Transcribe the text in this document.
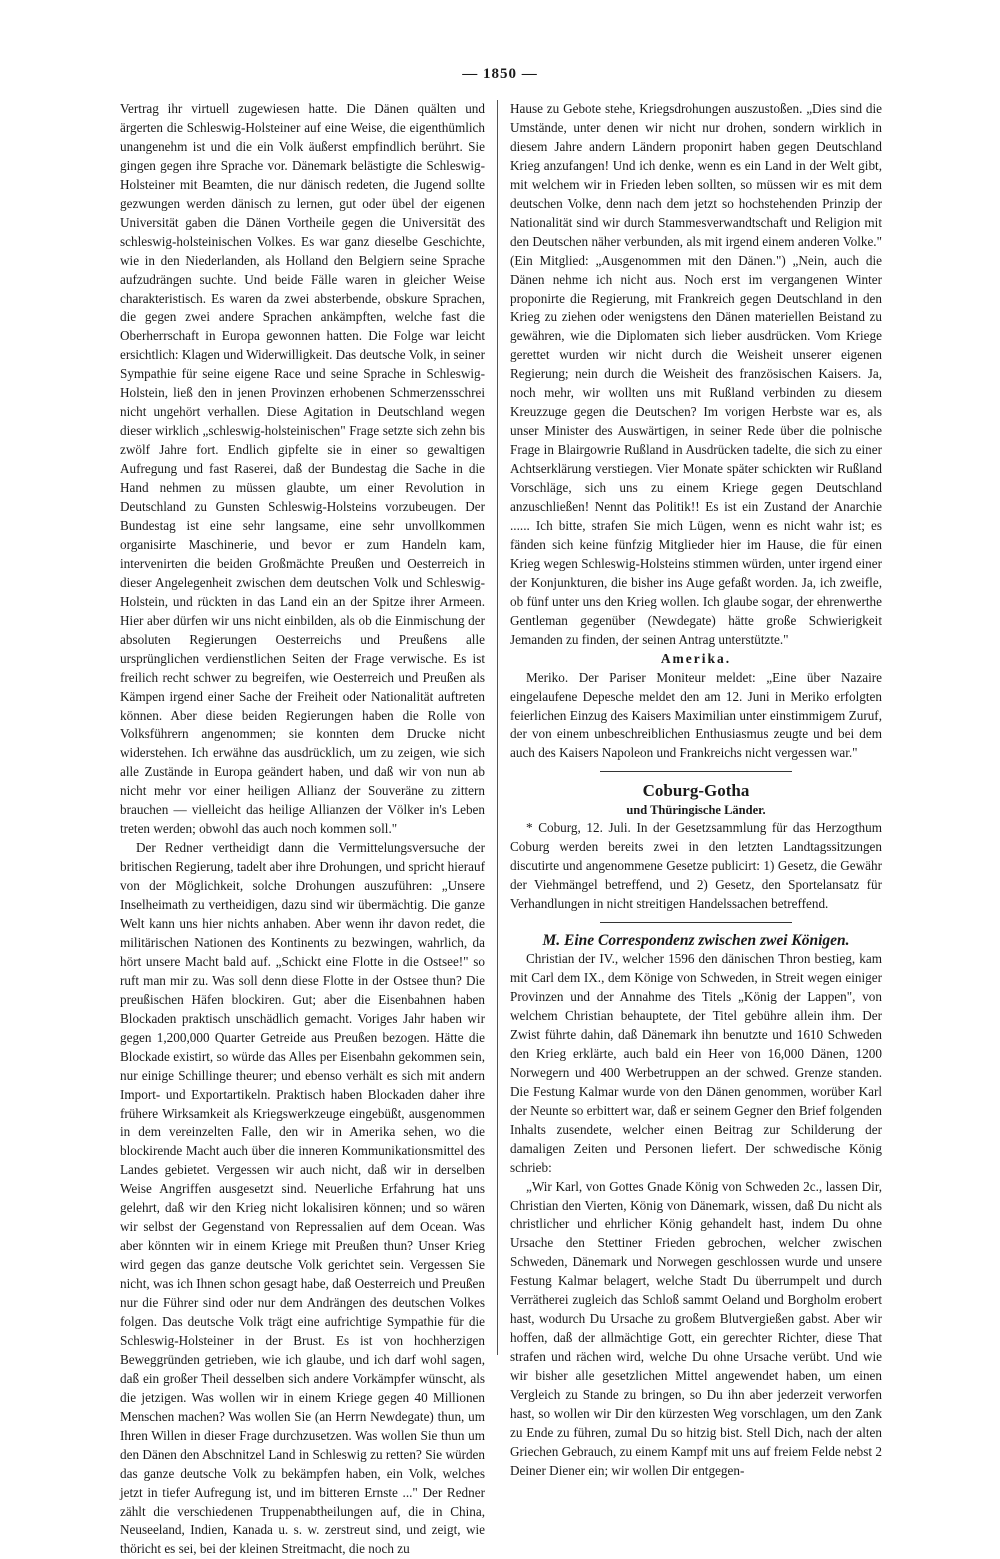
— 1850 —

Vertrag ihr virtuell zugewiesen hatte. Die Dänen quälten und ärgerten die Schleswig-Holsteiner auf eine Weise, die eigenthümlich unangenehm ist und die ein Volk äußerst empfindlich berührt. Sie gingen gegen ihre Sprache vor. Dänemark belästigte die Schleswig-Holsteiner mit Beamten, die nur dänisch redeten, die Jugend sollte gezwungen werden dänisch zu lernen, gut oder übel der eigenen Universität gaben die Dänen Vortheile gegen die Universität des schleswig-holsteinischen Volkes. Es war ganz dieselbe Geschichte, wie in den Niederlanden, als Holland den Belgiern seine Sprache aufzudrängen suchte. Und beide Fälle waren in gleicher Weise charakteristisch. Es waren da zwei absterbende, obskure Sprachen, die gegen zwei andere Sprachen ankämpften, welche fast die Oberherrschaft in Europa gewonnen hatten. Die Folge war leicht ersichtlich: Klagen und Widerwilligkeit. Das deutsche Volk, in seiner Sympathie für seine eigene Race und seine Sprache in Schleswig-Holstein, ließ den in jenen Provinzen erhobenen Schmerzensschrei nicht ungehört verhallen. Diese Agitation in Deutschland wegen dieser wirklich „schleswig-holsteinischen" Frage setzte sich zehn bis zwölf Jahre fort. Endlich gipfelte sie in einer so gewaltigen Aufregung und fast Raserei, daß der Bundestag die Sache in die Hand nehmen zu müssen glaubte, um einer Revolution in Deutschland zu Gunsten Schleswig-Holsteins vorzubeugen. Der Bundestag ist eine sehr langsame, eine sehr unvollkommen organisirte Maschinerie, und bevor er zum Handeln kam, intervenirten die beiden Großmächte Preußen und Oesterreich in dieser Angelegenheit zwischen dem deutschen Volk und Schleswig-Holstein, und rückten in das Land ein an der Spitze ihrer Armeen. Hier aber dürfen wir uns nicht einbilden, als ob die Einmischung der absoluten Regierungen Oesterreichs und Preußens alle ursprünglichen verdienstlichen Seiten der Frage verwische. Es ist freilich recht schwer zu begreifen, wie Oesterreich und Preußen als Kämpen irgend einer Sache der Freiheit oder Nationalität auftreten können. Aber diese beiden Regierungen haben die Rolle von Volksführern angenommen; sie konnten dem Drucke nicht widerstehen. Ich erwähne das ausdrücklich, um zu zeigen, wie sich alle Zustände in Europa geändert haben, und daß wir von nun ab nicht mehr vor einer heiligen Allianz der Souveräne zu zittern brauchen — vielleicht das heilige Allianzen der Völker in's Leben treten werden; obwohl das auch noch kommen soll."

Der Redner vertheidigt dann die Vermittelungsversuche der britischen Regierung, tadelt aber ihre Drohungen, und spricht hierauf von der Möglichkeit, solche Drohungen auszuführen: „Unsere Inselheimath zu vertheidigen, dazu sind wir übermächtig. Die ganze Welt kann uns hier nichts anhaben. Aber wenn ihr davon redet, die militärischen Nationen des Kontinents zu bezwingen, wahrlich, da hört unsere Macht bald auf. „Schickt eine Flotte in die Ostsee!" so ruft man mir zu. Was soll denn diese Flotte in der Ostsee thun? Die preußischen Häfen blockiren. Gut; aber die Eisenbahnen haben Blockaden praktisch unschädlich gemacht. Voriges Jahr haben wir gegen 1,200,000 Quarter Getreide aus Preußen bezogen. Hätte die Blockade existirt, so würde das Alles per Eisenbahn gekommen sein, nur einige Schillinge theurer; und ebenso verhält es sich mit andern Import- und Exportartikeln. Praktisch haben Blockaden daher ihre frühere Wirksamkeit als Kriegswerkzeuge eingebüßt, ausgenommen in dem vereinzelten Falle, den wir in Amerika sehen, wo die blockirende Macht auch über die inneren Kommunikationsmittel des Landes gebietet. Vergessen wir auch nicht, daß wir in derselben Weise Angriffen ausgesetzt sind. Neuerliche Erfahrung hat uns gelehrt, daß wir den Krieg nicht lokalisiren können; und so wären wir selbst der Gegenstand von Repressalien auf dem Ocean. Was aber könnten wir in einem Kriege mit Preußen thun? Unser Krieg wird gegen das ganze deutsche Volk gerichtet sein. Vergessen Sie nicht, was ich Ihnen schon gesagt habe, daß Oesterreich und Preußen nur die Führer sind oder nur dem Andrängen des deutschen Volkes folgen. Das deutsche Volk trägt eine aufrichtige Sympathie für die Schleswig-Holsteiner in der Brust. Es ist von hochherzigen Beweggründen getrieben, wie ich glaube, und ich darf wohl sagen, daß ein großer Theil desselben sich andere Vorkämpfer wünscht, als die jetzigen. Was wollen wir in einem Kriege gegen 40 Millionen Menschen machen? Was wollen Sie (an Herrn Newdegate) thun, um Ihren Willen in dieser Frage durchzusetzen. Was wollen Sie thun um den Dänen den Abschnitzel Land in Schleswig zu retten? Sie würden das ganze deutsche Volk zu bekämpfen haben, ein Volk, welches jetzt in tiefer Aufregung ist, und im bitteren Ernste ..." Der Redner zählt die verschiedenen Truppenabtheilungen auf, die in China, Neuseeland, Indien, Kanada u. s. w. zerstreut sind, und zeigt, wie thöricht es sei, bei der kleinen Streitmacht, die noch zu

Hause zu Gebote stehe, Kriegsdrohungen auszustoßen. „Dies sind die Umstände, unter denen wir nicht nur drohen, sondern wirklich in diesem Jahre andern Ländern proponirt haben gegen Deutschland Krieg anzufangen! Und ich denke, wenn es ein Land in der Welt gibt, mit welchem wir in Frieden leben sollten, so müssen wir es mit dem deutschen Volke, denn nach dem jetzt so hochstehenden Prinzip der Nationalität sind wir durch Stammesverwandtschaft und Religion mit den Deutschen näher verbunden, als mit irgend einem anderen Volke." (Ein Mitglied: „Ausgenommen mit den Dänen.") „Nein, auch die Dänen nehme ich nicht aus. Noch erst im vergangenen Winter proponirte die Regierung, mit Frankreich gegen Deutschland in den Krieg zu ziehen oder wenigstens den Dänen materiellen Beistand zu gewähren, wie die Diplomaten sich lieber ausdrücken. Vom Kriege gerettet wurden wir nicht durch die Weisheit unserer eigenen Regierung; nein durch die Weisheit des französischen Kaisers. Ja, noch mehr, wir wollten uns mit Rußland verbinden zu diesem Kreuzzuge gegen die Deutschen? Im vorigen Herbste war es, als unser Minister des Auswärtigen, in seiner Rede über die polnische Frage in Blairgowrie Rußland in Ausdrücken tadelte, die sich zu einer Achtserklärung verstiegen. Vier Monate später schickten wir Rußland Vorschläge, sich uns zu einem Kriege gegen Deutschland anzuschließen! Nennt das Politik!! Es ist ein Zustand der Anarchie ...... Ich bitte, strafen Sie mich Lügen, wenn es nicht wahr ist; es fänden sich keine fünfzig Mitglieder hier im Hause, die für einen Krieg wegen Schleswig-Holsteins stimmen würden, unter irgend einer der Konjunkturen, die bisher ins Auge gefaßt worden. Ja, ich zweifle, ob fünf unter uns den Krieg wollen. Ich glaube sogar, der ehrenwerthe Gentleman gegenüber (Newdegate) hätte große Schwierigkeit Jemanden zu finden, der seinen Antrag unterstützte."

Amerika.

Meriko. Der Pariser Moniteur meldet: „Eine über Nazaire eingelaufene Depesche meldet den am 12. Juni in Meriko erfolgten feierlichen Einzug des Kaisers Maximilian unter einstimmigem Zuruf, der von einem unbeschreiblichen Enthusiasmus zeugte und bei dem auch des Kaisers Napoleon und Frankreichs nicht vergessen war."

Coburg-Gotha

und Thüringische Länder.

* Coburg, 12. Juli. In der Gesetzsammlung für das Herzogthum Coburg werden bereits zwei in den letzten Landtagssitzungen discutirte und angenommene Gesetze publicirt: 1) Gesetz, die Gewähr der Viehmängel betreffend, und 2) Gesetz, den Sportelansatz für Verhandlungen in nicht streitigen Handelssachen betreffend.

M. Eine Correspondenz zwischen zwei Königen.

Christian der IV., welcher 1596 den dänischen Thron bestieg, kam mit Carl dem IX., dem Könige von Schweden, in Streit wegen einiger Provinzen und der Annahme des Titels „König der Lappen", von welchem Christian behauptete, der Titel gebühre allein ihm. Der Zwist führte dahin, daß Dänemark ihn benutzte und 1610 Schweden den Krieg erklärte, auch bald ein Heer von 16,000 Dänen, 1200 Norwegern und 400 Werbetruppen an der schwed. Grenze standen. Die Festung Kalmar wurde von den Dänen genommen, worüber Karl der Neunte so erbittert war, daß er seinem Gegner den Brief folgenden Inhalts zusendete, welcher einen Beitrag zur Schilderung der damaligen Zeiten und Personen liefert. Der schwedische König schrieb:

„Wir Karl, von Gottes Gnade König von Schweden 2c., lassen Dir, Christian den Vierten, König von Dänemark, wissen, daß Du nicht als christlicher und ehrlicher König gehandelt hast, indem Du ohne Ursache den Stettiner Frieden gebrochen, welcher zwischen Schweden, Dänemark und Norwegen geschlossen wurde und unsere Festung Kalmar belagert, welche Stadt Du überrumpelt und durch Verrätherei zugleich das Schloß sammt Oeland und Borgholm erobert hast, wodurch Du Ursache zu großem Blutvergießen gabst. Aber wir hoffen, daß der allmächtige Gott, ein gerechter Richter, diese That strafen und rächen wird, welche Du ohne Ursache verübt. Und wie wir bisher alle gesetzlichen Mittel angewendet haben, um einen Vergleich zu Stande zu bringen, so Du ihn aber jederzeit verworfen hast, so wollen wir Dir den kürzesten Weg vorschlagen, um den Zank zu Ende zu führen, zumal Du so hitzig bist. Stell Dich, nach der alten Griechen Gebrauch, zu einem Kampf mit uns auf freiem Felde nebst 2 Deiner Diener ein; wir wollen Dir entgegen-
